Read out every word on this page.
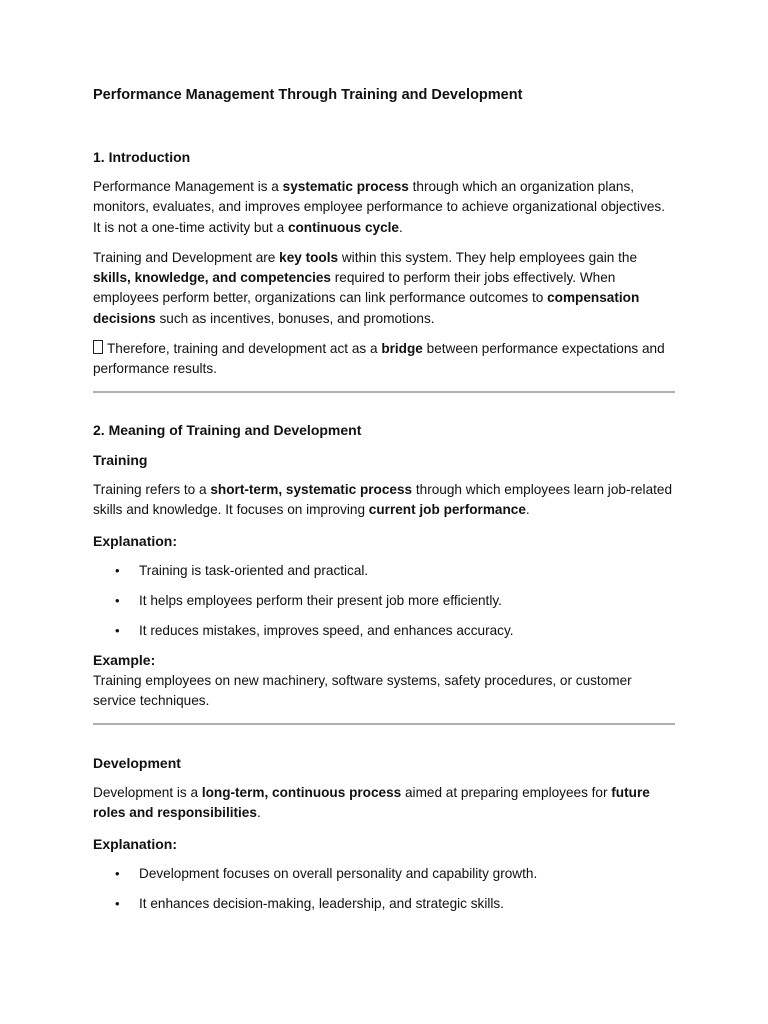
Performance Management Through Training and Development
1. Introduction

Performance Management is a systematic process through which an organization plans, monitors, evaluates, and improves employee performance to achieve organizational objectives. It is not a one-time activity but a continuous cycle.

Training and Development are key tools within this system. They help employees gain the skills, knowledge, and competencies required to perform their jobs effectively. When employees perform better, organizations can link performance outcomes to compensation decisions such as incentives, bonuses, and promotions.

Therefore, training and development act as a bridge between performance expectations and performance results.

2. Meaning of Training and Development
Training

Training refers to a short-term, systematic process through which employees learn job-related skills and knowledge. It focuses on improving current job performance.

Explanation:
• Training is task-oriented and practical.
• It helps employees perform their present job more efficiently.
• It reduces mistakes, improves speed, and enhances accuracy.
Example:

Training employees on new machinery, software systems, safety procedures, or customer service techniques.

Development

Development is a long-term, continuous process aimed at preparing employees for future roles and responsibilities.

Explanation:
• Development focuses on overall personality and capability growth.
• It enhances decision-making, leadership, and strategic skills.
